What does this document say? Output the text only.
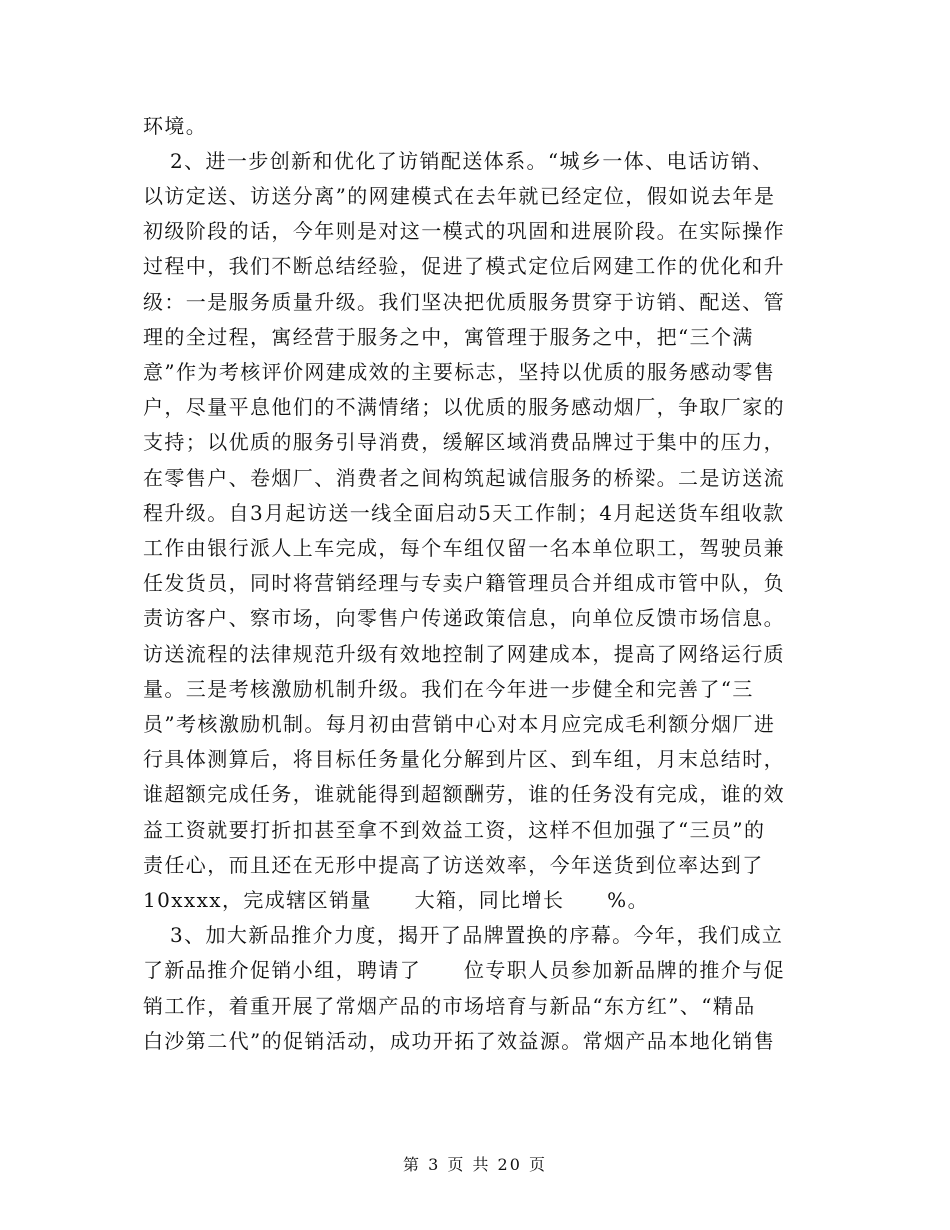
环境。
2、进一步创新和优化了访销配送体系。“城乡一体、电话访销、
以访定送、访送分离”的网建模式在去年就已经定位，假如说去年是
初级阶段的话，今年则是对这一模式的巩固和进展阶段。在实际操作
过程中，我们不断总结经验，促进了模式定位后网建工作的优化和升
级：一是服务质量升级。我们坚决把优质服务贯穿于访销、配送、管
理的全过程，寓经营于服务之中，寓管理于服务之中，把“三个满
意”作为考核评价网建成效的主要标志，坚持以优质的服务感动零售
户，尽量平息他们的不满情绪；以优质的服务感动烟厂，争取厂家的
支持；以优质的服务引导消费，缓解区域消费品牌过于集中的压力，
在零售户、卷烟厂、消费者之间构筑起诚信服务的桥梁。二是访送流
程升级。自3月起访送一线全面启动5天工作制；4月起送货车组收款
工作由银行派人上车完成，每个车组仅留一名本单位职工，驾驶员兼
任发货员，同时将营销经理与专卖户籍管理员合并组成市管中队，负
责访客户、察市场，向零售户传递政策信息，向单位反馈市场信息。
访送流程的法律规范升级有效地控制了网建成本，提高了网络运行质
量。三是考核激励机制升级。我们在今年进一步健全和完善了“三
员”考核激励机制。每月初由营销中心对本月应完成毛利额分烟厂进
行具体测算后，将目标任务量化分解到片区、到车组，月末总结时，
谁超额完成任务，谁就能得到超额酬劳，谁的任务没有完成，谁的效
益工资就要打折扣甚至拿不到效益工资，这样不但加强了“三员”的
责任心，而且还在无形中提高了访送效率，今年送货到位率达到了
10xxxx，完成辖区销量　　大箱，同比增长　　%。
3、加大新品推介力度，揭开了品牌置换的序幕。今年，我们成立
了新品推介促销小组，聘请了　　位专职人员参加新品牌的推介与促
销工作，着重开展了常烟产品的市场培育与新品“东方红”、“精品
白沙第二代”的促销活动，成功开拓了效益源。常烟产品本地化销售
第 3 页 共 20 页
